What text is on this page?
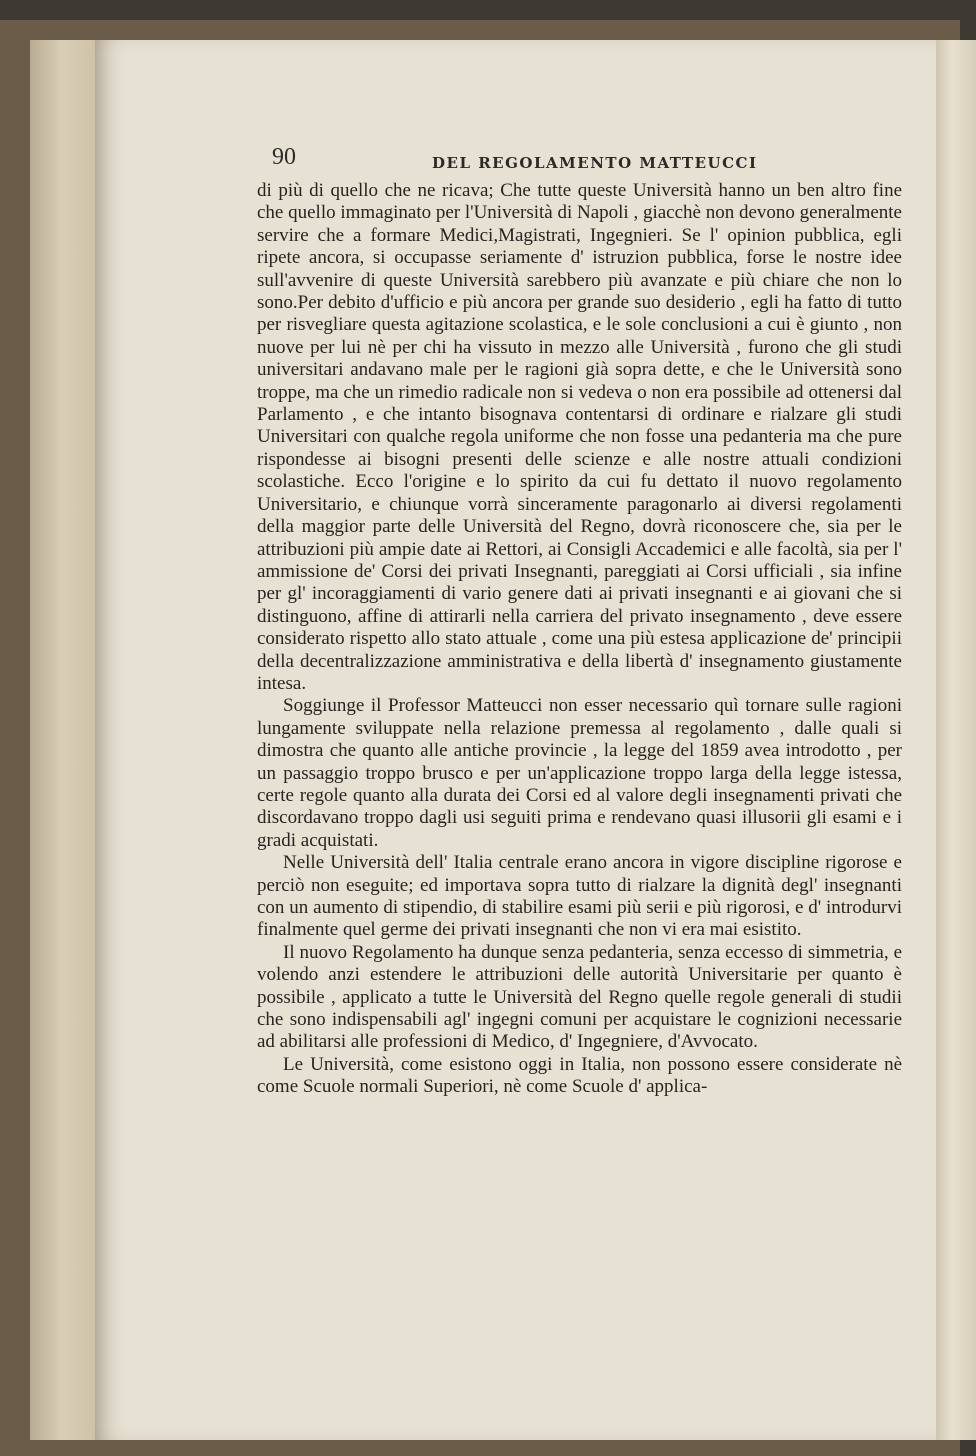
90	DEL REGOLAMENTO MATTEUCCI

di più di quello che ne ricava; Che tutte queste Università hanno un ben altro fine che quello immaginato per l'Università di Napoli , giacchè non devono generalmente servire che a formare Medici,Magistrati, Ingegnieri. Se l' opinion pubblica, egli ripete ancora, si occupasse seriamente d' istruzion pubblica, forse le nostre idee sull'avvenire di queste Università sarebbero più avanzate e più chiare che non lo sono.Per debito d'ufficio e più ancora per grande suo desiderio , egli ha fatto di tutto per risvegliare questa agitazione scolastica, e le sole conclusioni a cui è giunto , non nuove per lui nè per chi ha vissuto in mezzo alle Università , furono che gli studi universitari andavano male per le ragioni già sopra dette, e che le Università sono troppe, ma che un rimedio radicale non si vedeva o non era possibile ad ottenersi dal Parlamento , e che intanto bisognava contentarsi di ordinare e rialzare gli studi Universitari con qualche regola uniforme che non fosse una pedanteria ma che pure rispondesse ai bisogni presenti delle scienze e alle nostre attuali condizioni scolastiche. Ecco l'origine e lo spirito da cui fu dettato il nuovo regolamento Universitario, e chiunque vorrà sinceramente paragonarlo ai diversi regolamenti della maggior parte delle Università del Regno, dovrà riconoscere che, sia per le attribuzioni più ampie date ai Rettori, ai Consigli Accademici e alle facoltà, sia per l' ammissione de' Corsi dei privati Insegnanti, pareggiati ai Corsi ufficiali , sia infine per gl' incoraggiamenti di vario genere dati ai privati insegnanti e ai giovani che si distinguono, affine di attirarli nella carriera del privato insegnamento , deve essere considerato rispetto allo stato attuale , come una più estesa applicazione de' principii della decentralizzazione amministrativa e della libertà d' insegnamento giustamente intesa.

Soggiunge il Professor Matteucci non esser necessario quì tornare sulle ragioni lungamente sviluppate nella relazione premessa al regolamento , dalle quali si dimostra che quanto alle antiche provincie , la legge del 1859 avea introdotto , per un passaggio troppo brusco e per un'applicazione troppo larga della legge istessa, certe regole quanto alla durata dei Corsi ed al valore degli insegnamenti privati che discordavano troppo dagli usi seguiti prima e rendevano quasi illusorii gli esami e i gradi acquistati.

Nelle Università dell' Italia centrale erano ancora in vigore discipline rigorose e perciò non eseguite; ed importava sopra tutto di rialzare la dignità degl' insegnanti con un aumento di stipendio, di stabilire esami più serii e più rigorosi, e d' introdurvi finalmente quel germe dei privati insegnanti che non vi era mai esistito.

Il nuovo Regolamento ha dunque senza pedanteria, senza eccesso di simmetria, e volendo anzi estendere le attribuzioni delle autorità Universitarie per quanto è possibile , applicato a tutte le Università del Regno quelle regole generali di studii che sono indispensabili agl' ingegni comuni per acquistare le cognizioni necessarie ad abilitarsi alle professioni di Medico, d' Ingegniere, d'Avvocato.

Le Università, come esistono oggi in Italia, non possono essere considerate nè come Scuole normali Superiori, nè come Scuole d' applica-
